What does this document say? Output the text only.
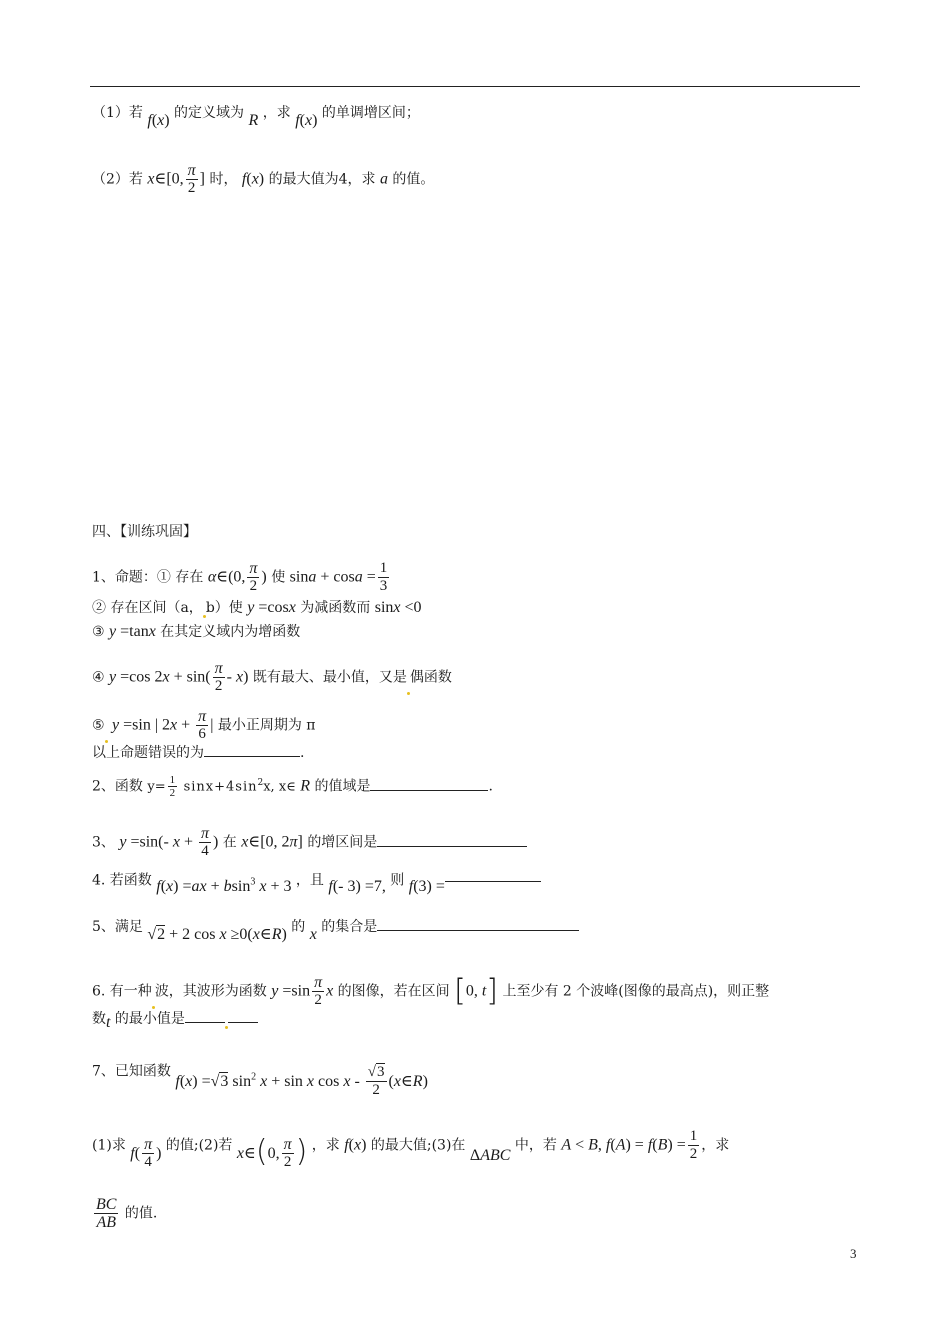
（1）若 f(x) 的定义域为 R ，求 f(x) 的单调增区间；
（2）若 x∈[0, $\frac{\pi}{2}$ ] 时， f(x) 的最大值为4，求 a 的值。
四、【训练巩固】
1、命题：① 存在 α∈(0, $\frac{\pi}{2}$ ) 使 $\sin a + \cos a = \frac{1}{3}$
② 存在区间（a， b）使 y =cosx 为减函数而 sinx <0
③ y =tanx 在其定义域内为增函数
④ y =cos $2x + \sin( \frac{\pi}{2} - x)$ 既有最大、最小值，又是 偶函数
⑤ y =sin | $2x + \frac{\pi}{6}$ | 最小正周期为 π
以上命题错误的为	.
2、函数 $y= \frac{1}{2} \sin x+4\sin^2x$, x∈ R 的值域是	.
3、 y =sin(- $x + \frac{\pi}{4}$ ) 在 x∈[0, 2π] 的增区间是
4. 若函数 f(x) =ax + bsin$^3$ x + 3 ，且 f(- 3) =7, 则 f(3) =
5、满足 √2 + 2 cos x ≥0(x∈R) 的 x 的集合是
6. 有一种 波，其波形为函数 $y =\sin \frac{\pi}{2}$ x 的图像，若在区间 [0, t] 上至少有 2 个波峰(图像的最高点)，则正整
数t 的最小值是
7、已知函数 f(x) =√3 $\sin^2 x + \sin x$ cos x - $\frac{√3}{2}$ (x∈R)
(1)求 $f( \frac{\pi}{4}$ ) 的值;(2)若 x∈(0, $\frac{\pi}{2}$ ) ，求 f(x) 的最大值;(3)在 ΔABC 中，若 A < B, $f(A) = f(B) = \frac{1}{2}$ ，求
$\frac{BC}{AB}$ 的值.
3
